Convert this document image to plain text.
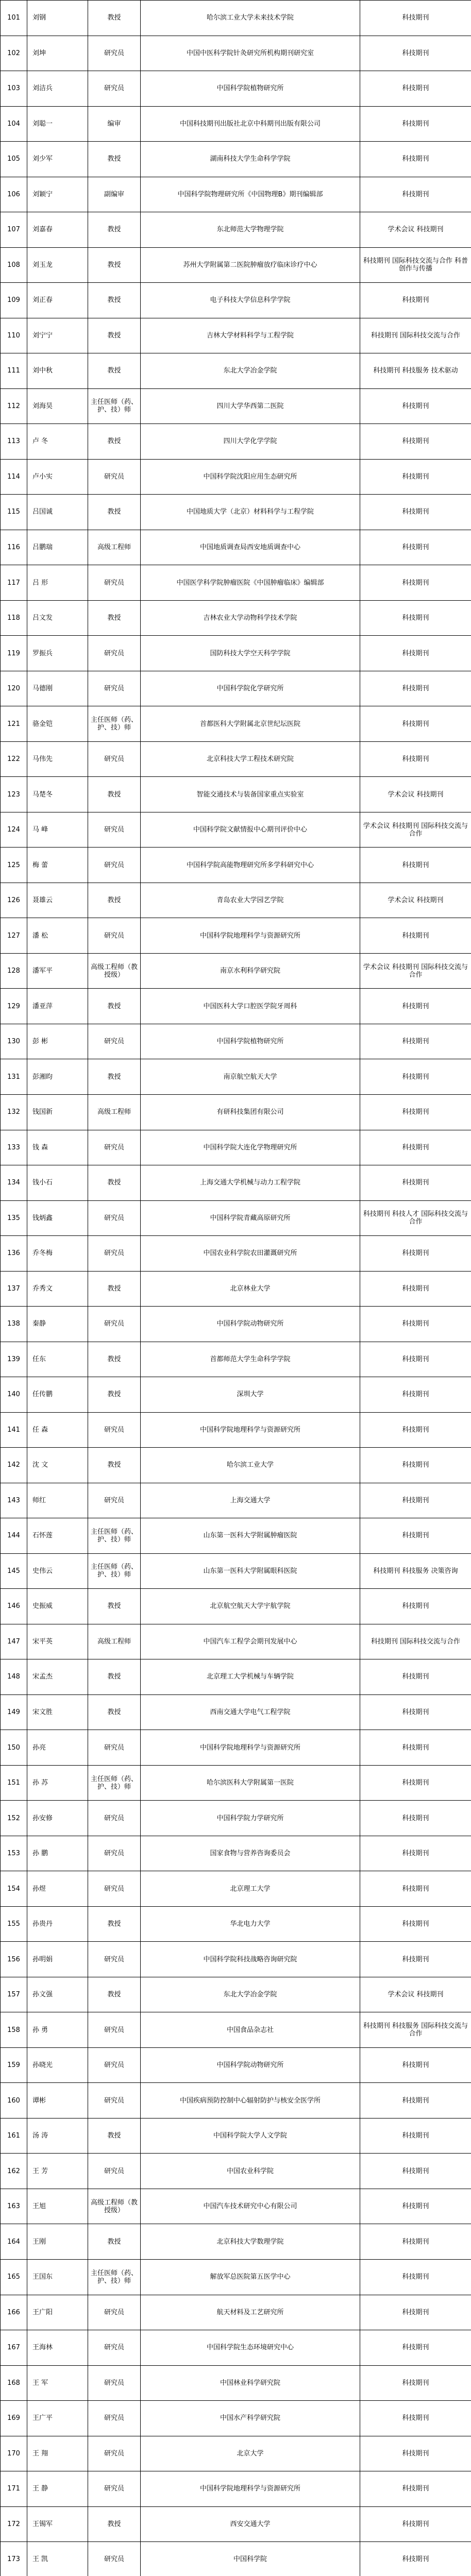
101	刘钢	教授	哈尔滨工业大学未来技术学院	科技期刊
102	刘坤	研究员	中国中医科学院针灸研究所机构期刊研究室	科技期刊
103	刘洁兵	研究员	中国科学院植物研究所	科技期刊
104	刘聪一	编审	中国科技期刊出版社北京中科期刊出版有限公司	科技期刊
105	刘少军	教授	湖南科技大学生命科学学院	科技期刊
106	刘颖宁	副编审	中国科学院物理研究所《中国物理B》期刊编辑部	科技期刊
107	刘嘉春	教授	东北师范大学物理学院	学术会议 科技期刊
108	刘玉龙	教授	苏州大学附属第二医院肿瘤放疗临床诊疗中心	科技期刊 国际科技交流与合作 科普创作与传播
109	刘正春	教授	电子科技大学信息科学学院	科技期刊
110	刘宁宁	教授	吉林大学材料科学与工程学院	科技期刊 国际科技交流与合作
111	刘中秋	教授	东北大学冶金学院	科技期刊 科技服务 技术驱动
112	刘海昊	主任医师（药、护、技）师	四川大学华西第二医院	科技期刊
113	卢 冬	教授	四川大学化学学院	科技期刊
114	卢小实	研究员	中国科学院沈阳应用生态研究所	科技期刊
115	吕国诚	教授	中国地质大学（北京）材料科学与工程学院	科技期刊
116	吕鹏瑞	高级工程师	中国地质调查局西安地质调查中心	科技期刊
117	吕 形	研究员	中国医学科学院肿瘤医院《中国肿瘤临床》编辑部	科技期刊
118	吕文发	教授	吉林农业大学动物科学技术学院	科技期刊
119	罗振兵	研究员	国防科技大学空天科学学院	科技期刊
120	马德刚	研究员	中国科学院化学研究所	科技期刊
121	骆金铠	主任医师（药、护、技）师	首都医科大学附属北京世纪坛医院	科技期刊
122	马伟先	研究员	北京科技大学工程技术研究院	科技期刊
123	马楚冬	教授	智能交通技术与装备国家重点实验室	学术会议 科技期刊
124	马 峰	研究员	中国科学院文献情报中心期刊评价中心	学术会议 科技期刊 国际科技交流与合作
125	梅 蕾	研究员	中国科学院高能物理研究所多学科研究中心	科技期刊
126	聂雄云	教授	青岛农业大学园艺学院	学术会议 科技期刊
127	潘 松	研究员	中国科学院地理科学与资源研究所	科技期刊
128	潘军平	高级工程师（教授级）	南京水利科学研究院	学术会议 科技期刊 国际科技交流与合作
129	潘亚萍	教授	中国医科大学口腔医学院牙周科	科技期刊
130	彭 彬	研究员	中国科学院植物研究所	科技期刊
131	彭湘昀	教授	南京航空航天大学	科技期刊
132	钱国新	高级工程师	有研科技集团有限公司	科技期刊
133	钱 森	研究员	中国科学院大连化学物理研究所	科技期刊
134	钱小石	教授	上海交通大学机械与动力工程学院	科技期刊
135	钱炳鑫	研究员	中国科学院青藏高原研究所	科技期刊 科技人才 国际科技交流与合作
136	乔冬梅	研究员	中国农业科学院农田灌溉研究所	科技期刊
137	乔秀文	教授	北京林业大学	科技期刊
138	秦静	研究员	中国科学院动物研究所	科技期刊
139	任东	教授	首都师范大学生命科学学院	科技期刊
140	任传鹏	教授	深圳大学	科技期刊
141	任 森	研究员	中国科学院地理科学与资源研究所	科技期刊
142	沈 文	教授	哈尔滨工业大学	科技期刊
143	师红	研究员	上海交通大学	科技期刊
144	石怀莲	主任医师（药、护、技）师	山东第一医科大学附属肿瘤医院	科技期刊
145	史伟云	主任医师（药、护、技）师	山东第一医科大学附属眼科医院	科技期刊 科技服务 决策咨询
146	史振威	教授	北京航空航天大学宇航学院	科技期刊
147	宋平英	高级工程师	中国汽车工程学会期刊发展中心	科技期刊 国际科技交流与合作
148	宋孟杰	教授	北京理工大学机械与车辆学院	科技期刊
149	宋文胜	教授	西南交通大学电气工程学院	科技期刊
150	孙亮	研究员	中国科学院地理科学与资源研究所	科技期刊
151	孙 苏	主任医师（药、护、技）师	哈尔滨医科大学附属第一医院	科技期刊
152	孙安修	研究员	中国科学院力学研究所	科技期刊
153	孙 鹏	研究员	国家食物与营养咨询委员会	科技期刊
154	孙煜	研究员	北京理工大学	科技期刊
155	孙贵丹	教授	华北电力大学	科技期刊
156	孙明娟	研究员	中国科学院科技战略咨询研究院	科技期刊
157	孙文强	教授	东北大学冶金学院	学术会议 科技期刊
158	孙 勇	研究员	中国食品杂志社	科技期刊 科技服务 国际科技交流与合作
159	孙晓光	研究员	中国科学院动物研究所	科技期刊
160	谭彬	研究员	中国疾病预防控制中心辐射防护与核安全医学所	科技期刊
161	汤 涛	教授	中国科学院大学人文学院	科技期刊
162	王 芳	研究员	中国农业科学院	科技期刊
163	王旭	高级工程师（教授级）	中国汽车技术研究中心有限公司	科技期刊
164	王刚	教授	北京科技大学数理学院	科技期刊
165	王国东	主任医师（药、护、技）师	解放军总医院第五医学中心	科技期刊
166	王广阳	研究员	航天材料及工艺研究所	科技期刊
167	王海林	研究员	中国科学院生态环境研究中心	科技期刊
168	王 军	研究员	中国林业科学研究院	科技期刊
169	王广平	研究员	中国水产科学研究院	科技期刊
170	王 翔	研究员	北京大学	科技期刊
171	王 静	研究员	中国科学院地理科学与资源研究所	科技期刊
172	王锡军	教授	西安交通大学	科技期刊
173	王 凯	研究员	中国科学院	科技期刊
